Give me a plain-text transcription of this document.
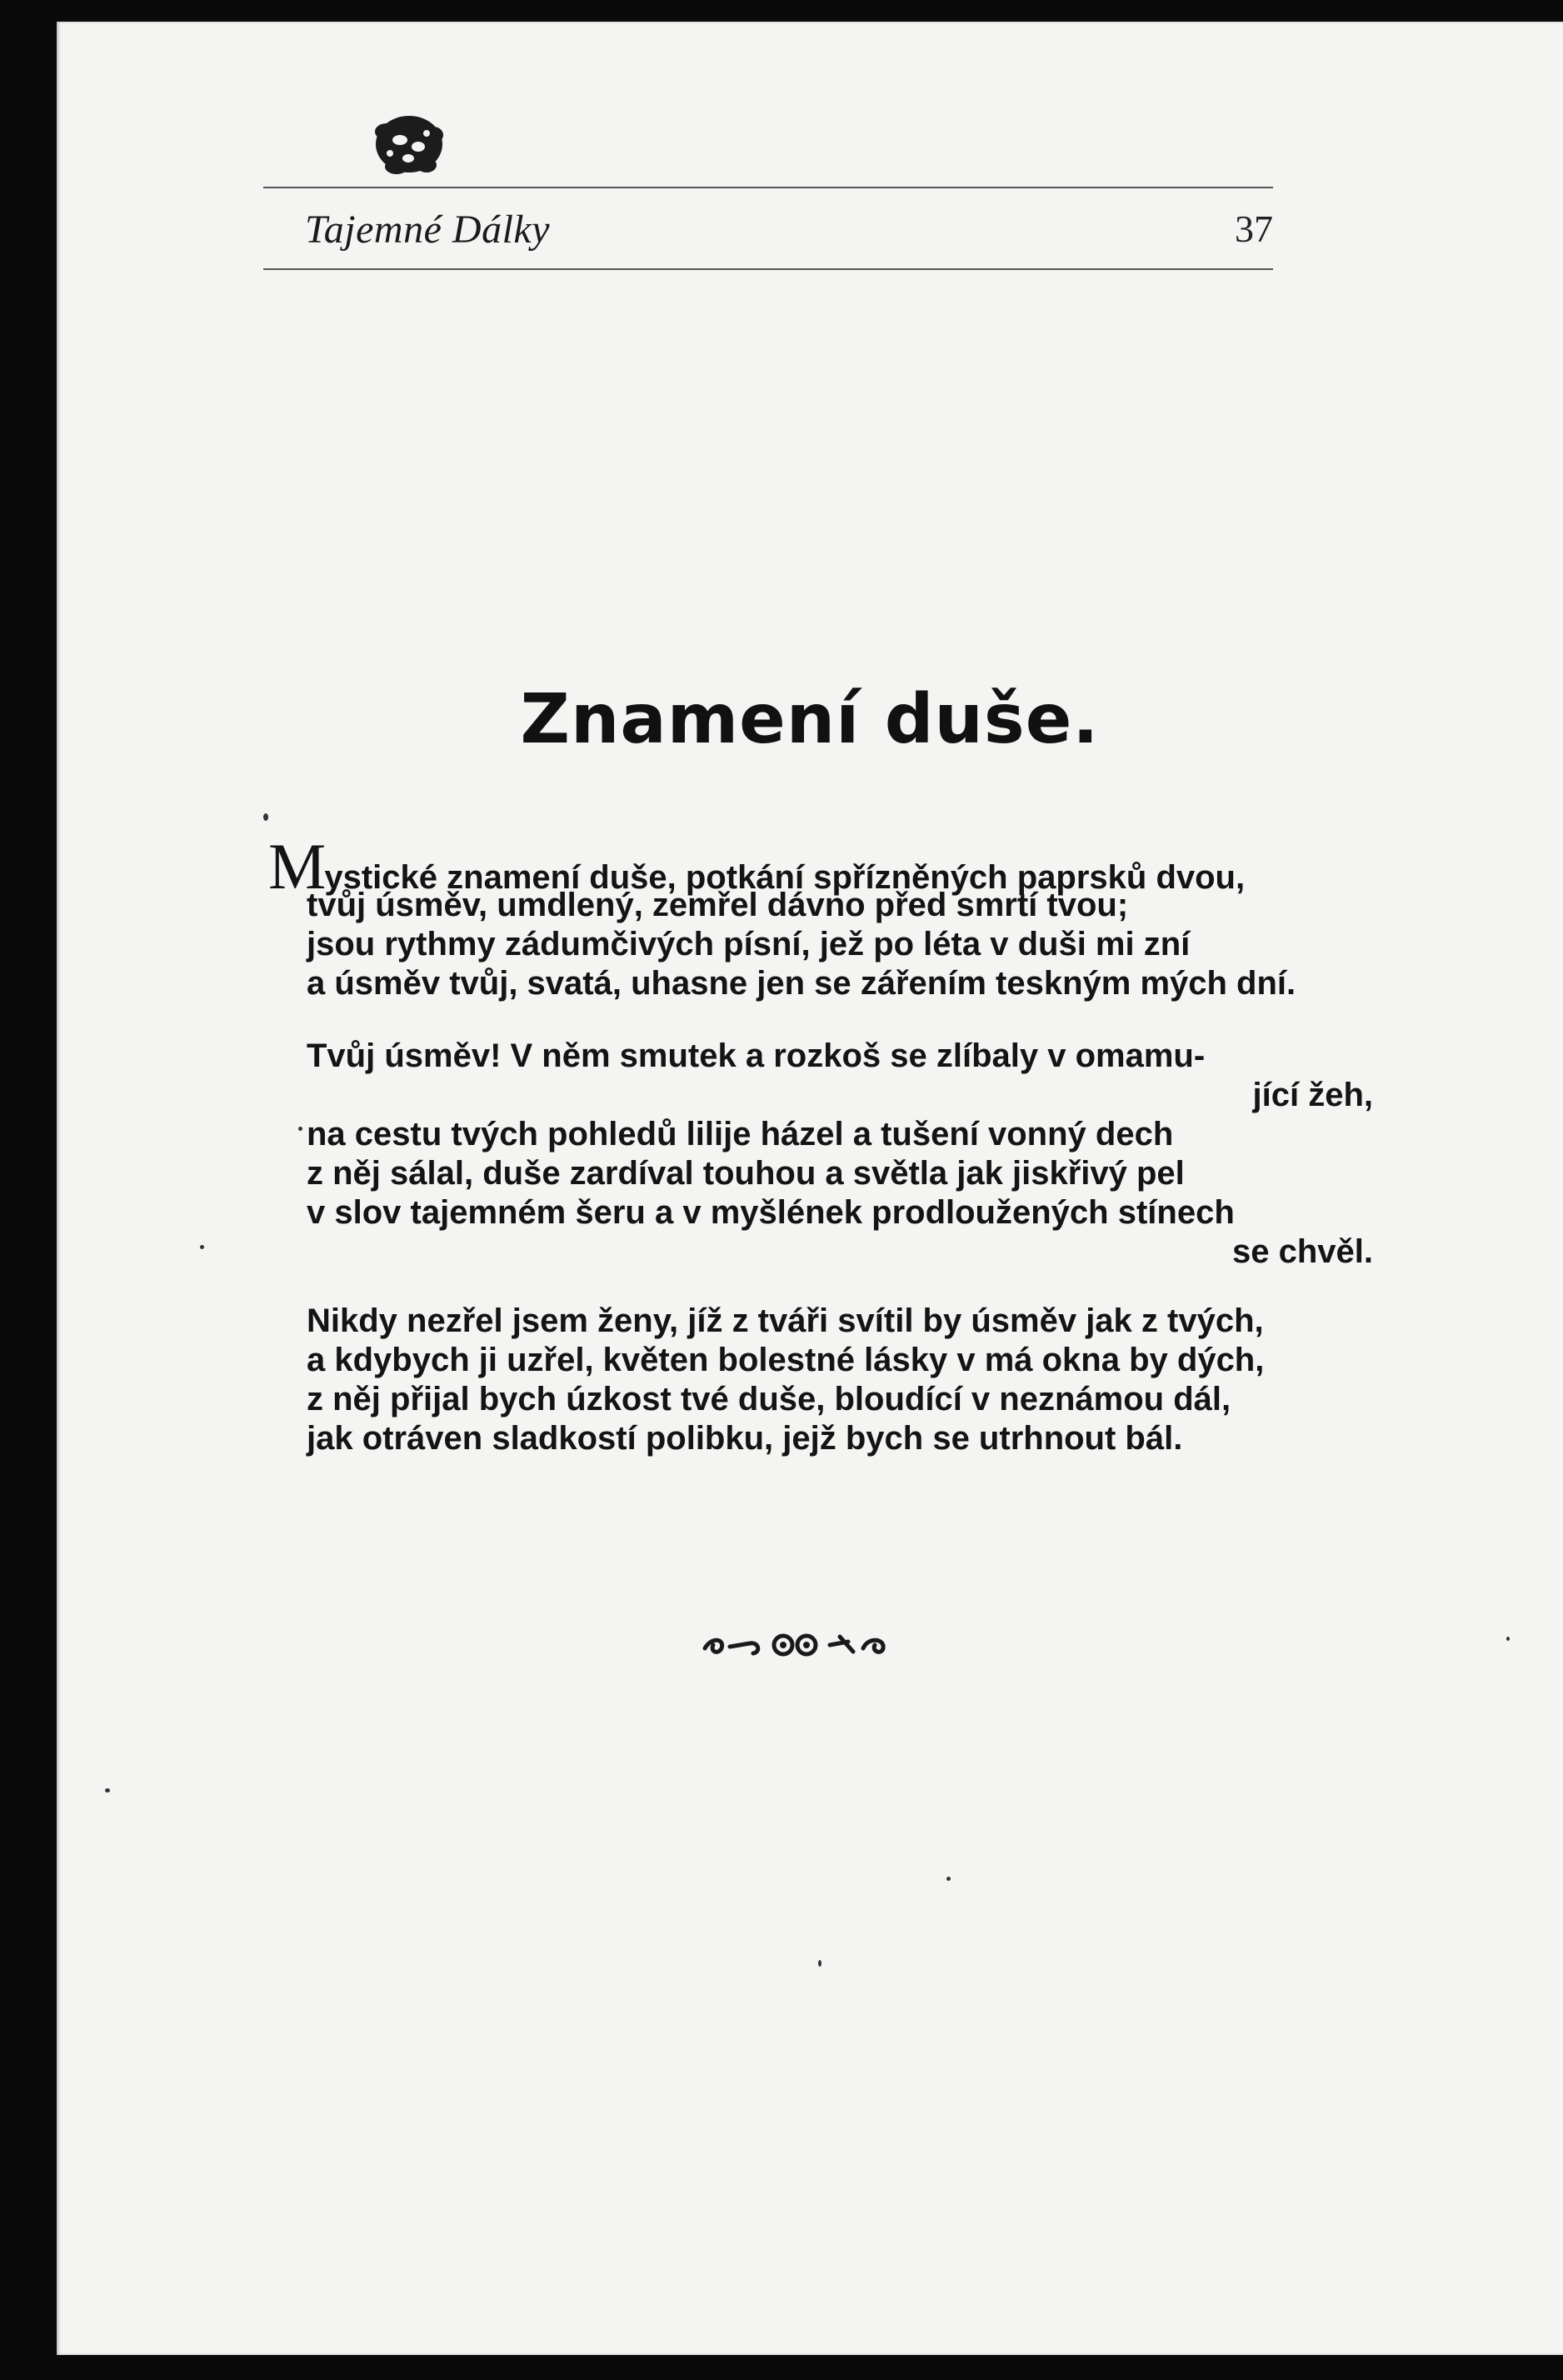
Tajemné Dálky	37
Znamení duše.
Mystické znamení duše, potkání spřízněných paprsků dvou,
tvůj úsměv, umdlený, zemřel dávno před smrtí tvou;
jsou rythmy zádumčivých písní, jež po léta v duši mi zní
a úsměv tvůj, svatá, uhasne jen se zářením teskným mých dní.
Tvůj úsměv! V něm smutek a rozkoš se zlíbaly v omamu-
jící žeh,
na cestu tvých pohledů lilije házel a tušení vonný dech
z něj sálal, duše zardíval touhou a světla jak jiskřivý pel
v slov tajemném šeru a v myšlének prodloužených stínech
se chvěl.
Nikdy nezřel jsem ženy, jíž z tváři svítil by úsměv jak z tvých,
a kdybych ji uzřel, květen bolestné lásky v má okna by dých,
z něj přijal bych úzkost tvé duše, bloudící v neznámou dál,
jak otráven sladkostí polibku, jejž bych se utrhnout bál.
